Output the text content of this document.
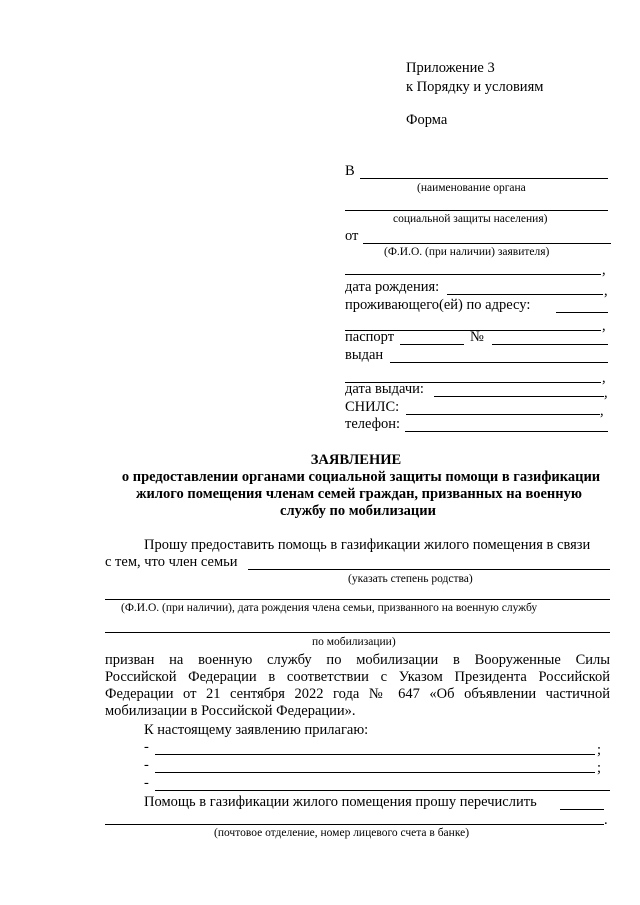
Приложение 3
к Порядку и условиям
Форма
В
(наименование органа
социальной защиты населения)
от
(Ф.И.О. (при наличии) заявителя)
,
дата рождения:	,
проживающего(ей) по адресу:
,
паспорт	№
выдан
,
дата выдачи:	,
СНИЛС:	,
телефон:
ЗАЯВЛЕНИЕ
о предоставлении органами социальной защиты помощи в газификации
жилого помещения членам семей граждан, призванных на военную
службу по мобилизации
Прошу предоставить помощь в газификации жилого помещения в связи
с тем, что член семьи
(указать степень родства)
(Ф.И.О. (при наличии), дата рождения члена семьи, призванного на военную службу
по мобилизации)
призван на военную службу по мобилизации в Вооруженные Силы
Российской Федерации в соответствии с Указом Президента Российской
Федерации от 21 сентября 2022 года № 647 «Об объявлении частичной
мобилизации в Российской Федерации».
К настоящему заявлению прилагаю:
-	;
-	;
-
Помощь в газификации жилого помещения прошу перечислить
.
(почтовое отделение, номер лицевого счета в банке)
